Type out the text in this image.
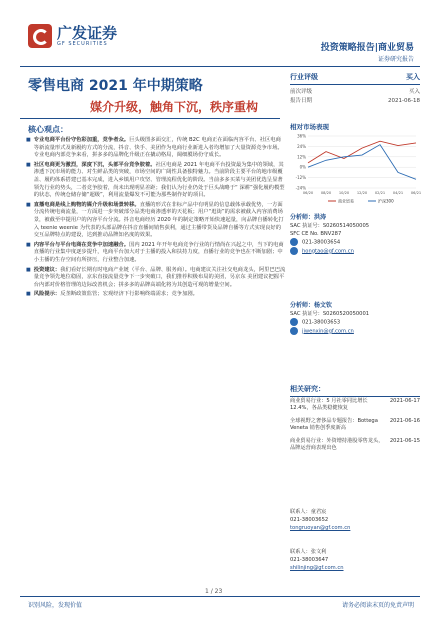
广发证券
GF SECURITIES	投资策略报告|商业贸易
证券研究报告
零售电商 2021 年中期策略
媒介升级，触角下沉，秩序重构
核心观点：
■ 专业电商平台份守色彩加重，竞争者众。巨头级图多面交汇，传统 B2C 电商正在面临内容平台、社区电商等新流量形式及新履约方式的分流，抖音、快手、美团作为电商行业新进入者均增加了大量资源竞争市场。专业电商内部竞争来看，拼多多的品牌化升级正在撬动格局，阔细膜场份守成长。
■ 社区电商更为激烈，深度下沉，头部平台竞争胶着。社区电商是 2021 年电商平台投资最为集中的领域，其渗透下沉市场的能力、对生鲜品类的突破，市场空间的广阔性具备独特魅力。当前阶段主要平台的地市级覆盖、履约体系搭建已基本完成，进入乡镇用户攻坚、管理流程优化的阶段。当前多多买菜与美团优选呈显著领先行业的势头，二者竞争胶着，尚未出现明显差距；我们认为行业仍处于巨头战略于“ 深耕”强化履约模型的状态，传统仓储存储“超级”，利用流量爆发不可能为那些制作好的项目。
■ 直播电商是线上购物的媒介升级和场景转移。直播的形式在非标产品中有明显的信息载体承载优势，一方面分流传统电商流量，一方面进一步突破部分品类电商渗透率的天花板；用户“逛街”的需求被截入内容消费场景，被截至中提用户的內容平台分流。抖音电商经历 2020 年的制定策略开始快速起量，向品牌自播转化打入 teenie weenie 为代表的头部品牌在抖音直播间销售获利，通过主播带货及品牌自播等方式实现良好的交互品牌特点的建设，达到推动品牌知名度的效果。
■ 内容平台与平台电商在竞争中加速融合。国内 2021 年开年电商竞争行业的行情尚在兴起之中，当下的电商直播的行业集中度逐步提升，电商平台加大对于主播的投入和扶持力度，直播行业的竞争也在不断加剧；中小主播的生存空间有所挤压，行业整合加速。
■ 投资建议：我们看好长期有时电商产业链（平台、品牌、服务商）。电商建议关注社交电商龙头，阿里巴巴流量竞争领先地位稳固，京东直接流量竞争下一步突破口，我们推荐积极布局的美团，另京东 美团建议把握平台内部对价格管理的边际改善机会；拼多多的品牌高端化将为其创造可观的增量空间。
■ 风险提示：反垄断政策监管；宏观经济下行影响终端需求；竞争加剧。
行业评级	买入
前次评级	买入
报告日期	2021-06-18
相对市场表现
36%
24%
12%
0%
-12%
-24%
06/20 08/20 10/20 12/20 02/21 04/21 06/21
商业贸易	沪深300
分析师：洪涛
SAC 执证号：S0260514050005
SFC CE No. BNV287
021-38003654
hongtao@gf.com.cn
分析师：杨文钦
SAC 执证号：S0260520050001
021-38003653
jiwenxin@gf.com.cn
相关研究：
商业贸易行业：5 月社零同比增长 12.4%，各品类稳健恢复
2021-06-17
全球视野之奢侈品专题报告：Bottega Veneta 销售创季度新高
2021-06-16
商业贸易行业：外资增持港股零售龙头，品牌运营商表现出色
2021-06-15
联系人：童君宸
021-38003652
tongruoyan@gf.com.cn
联系人：张文利
021-38003647
shilinjing@gf.com.cn
1 / 23
识别风险，发现价值	请务必阅读末页的免责声明
